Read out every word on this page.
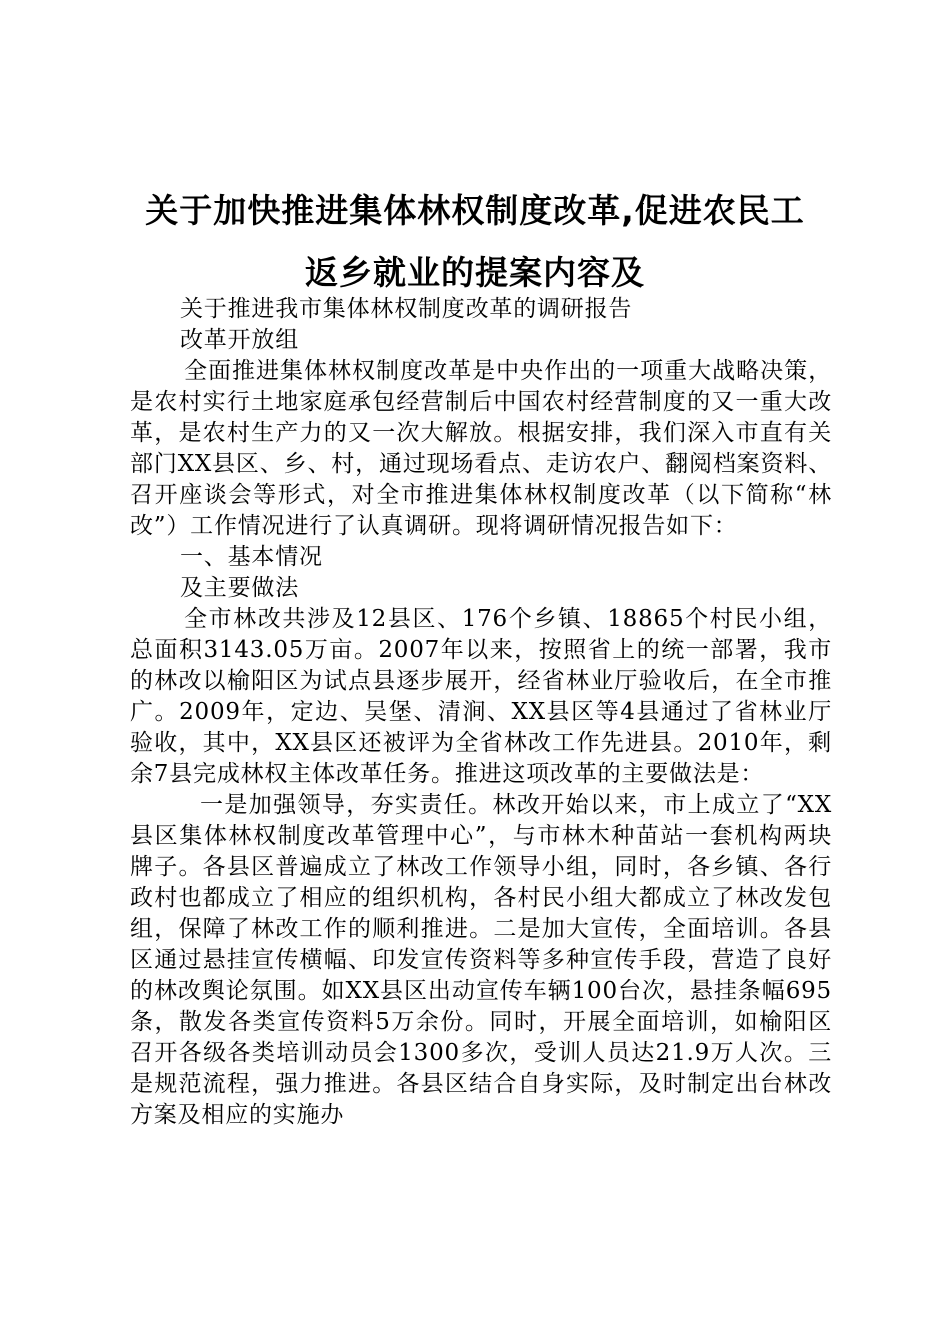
关于加快推进集体林权制度改革,促进农民工
返乡就业的提案内容及

关于推进我市集体林权制度改革的调研报告

改革开放组

全面推进集体林权制度改革是中央作出的一项重大战略决策，是农村实行土地家庭承包经营制后中国农村经营制度的又一重大改革，是农村生产力的又一次大解放。根据安排，我们深入市直有关部门XX县区、乡、村，通过现场看点、走访农户、翻阅档案资料、召开座谈会等形式，对全市推进集体林权制度改革（以下简称“林改”）工作情况进行了认真调研。现将调研情况报告如下：

一、基本情况

及主要做法

全市林改共涉及12县区、176个乡镇、18865个村民小组，总面积3143.05万亩。2007年以来，按照省上的统一部署，我市的林改以榆阳区为试点县逐步展开，经省林业厅验收后，在全市推广。2009年，定边、吴堡、清涧、XX县区等4县通过了省林业厅验收，其中，XX县区还被评为全省林改工作先进县。2010年，剩余7县完成林权主体改革任务。推进这项改革的主要做法是：

一是加强领导，夯实责任。林改开始以来，市上成立了“XX县区集体林权制度改革管理中心”，与市林木种苗站一套机构两块牌子。各县区普遍成立了林改工作领导小组，同时，各乡镇、各行政村也都成立了相应的组织机构，各村民小组大都成立了林改发包组，保障了林改工作的顺利推进。二是加大宣传，全面培训。各县区通过悬挂宣传横幅、印发宣传资料等多种宣传手段，营造了良好的林改舆论氛围。如XX县区出动宣传车辆100台次，悬挂条幅695条，散发各类宣传资料5万余份。同时，开展全面培训，如榆阳区召开各级各类培训动员会1300多次，受训人员达21.9万人次。三是规范流程，强力推进。各县区结合自身实际，及时制定出台林改方案及相应的实施办
